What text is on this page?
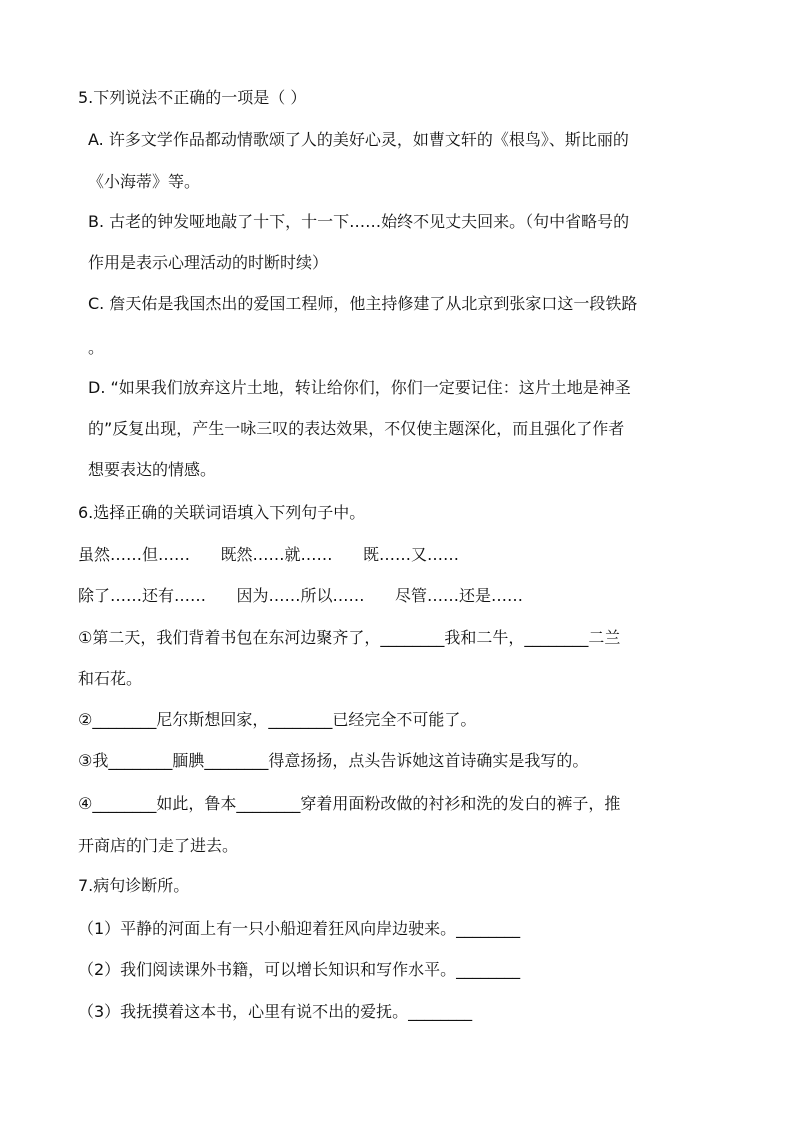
5.下列说法不正确的一项是（ ）
A. 许多文学作品都动情歌颂了人的美好心灵，如曹文轩的《根鸟》、斯比丽的
《小海蒂》等。
B. 古老的钟发哑地敲了十下，十一下……始终不见丈夫回来。（句中省略号的
作用是表示心理活动的时断时续）
C. 詹天佑是我国杰出的爱国工程师，他主持修建了从北京到张家口这一段铁路
。
D. “如果我们放弃这片土地，转让给你们，你们一定要记住：这片土地是神圣
的”反复出现，产生一咏三叹的表达效果，不仅使主题深化，而且强化了作者
想要表达的情感。
6.选择正确的关联词语填入下列句子中。
虽然……但……      既然……就……      既……又……
除了……还有……      因为……所以……      尽管……还是……
①第二天，我们背着书包在东河边聚齐了，________我和二牛，________二兰
和石花。
②________尼尔斯想回家，________已经完全不可能了。
③我________腼腆________得意扬扬，点头告诉她这首诗确实是我写的。
④________如此，鲁本________穿着用面粉改做的衬衫和洗的发白的裤子，推
开商店的门走了进去。
7.病句诊断所。
（1）平静的河面上有一只小船迎着狂风向岸边驶来。________
（2）我们阅读课外书籍，可以增长知识和写作水平。________
（3）我抚摸着这本书，心里有说不出的爱抚。________
